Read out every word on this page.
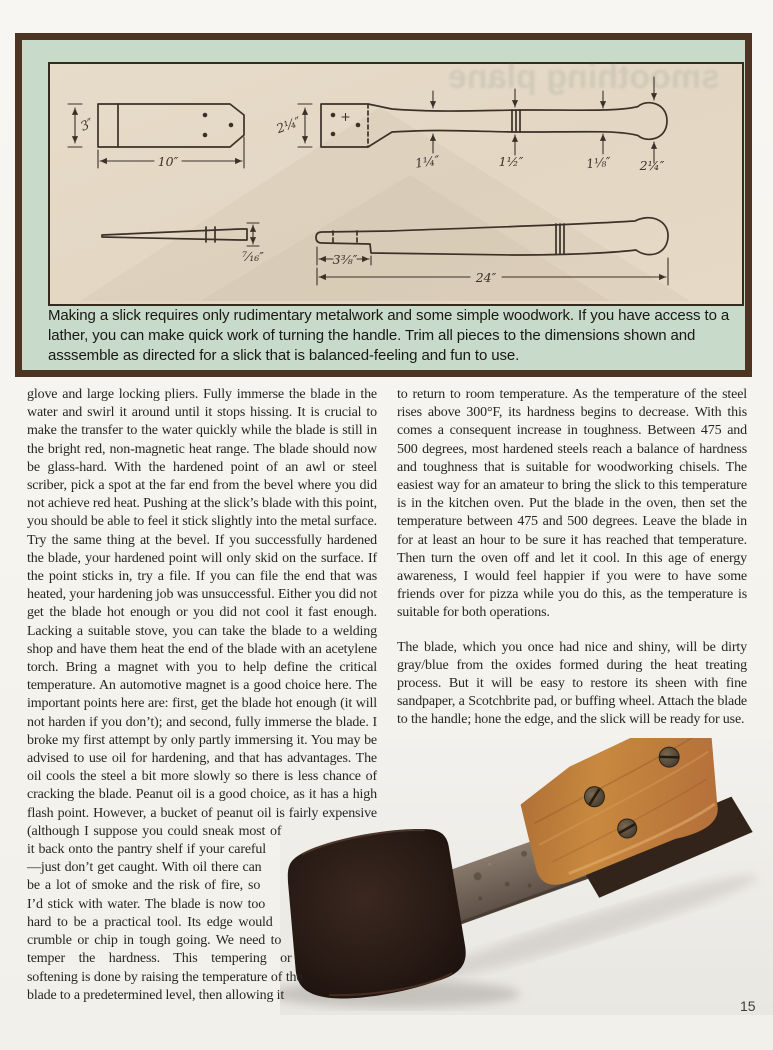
3″
10″
2¼″
1¼″	1½″	1⅛″ 2¼″
⁷⁄₁₆″	3⅜″
24″
Making a slick requires only rudimentary metalwork and some simple woodwork. If you have access to a lather, you can make quick work of turning the handle. Trim all pieces to the dimensions shown and asssemble as directed for a slick that is balanced-feeling and fun to use.
glove and large locking pliers. Fully immerse the blade in the water and swirl it around until it stops hissing. It is crucial to make the transfer to the water quickly while the blade is still in the bright red, non-magnetic heat range. The blade should now be glass-hard. With the hardened point of an awl or steel scriber, pick a spot at the far end from the bevel where you did not achieve red heat. Pushing at the slick’s blade with this point, you should be able to feel it stick slightly into the metal surface. Try the same thing at the bevel. If you successfully hardened the blade, your hardened point will only skid on the surface. If the point sticks in, try a file. If you can file the end that was heated, your hardening job was unsuccessful. Either you did not get the blade hot enough or you did not cool it fast enough. Lacking a suitable stove, you can take the blade to a welding shop and have them heat the end of the blade with an acetylene torch. Bring a magnet with you to help define the critical temperature. An automotive magnet is a good choice here. The important points here are: first, get the blade hot enough (it will not harden if you don’t); and second, fully immerse the blade. I broke my first attempt by only partly immersing it. You may be advised to use oil for hardening, and that has advantages. The oil cools the steel a bit more slowly so there is less chance of cracking the blade. Peanut oil is a good choice, as it has a high flash point. However, a bucket of peanut oil is fairly expensive (although I suppose you could sneak most of it back onto the pantry shelf if your careful—just don’t get caught. With oil there can be a lot of smoke and the risk of fire, so I’d stick with water. The blade is now too hard to be a practical tool. Its edge would crumble or chip in tough going. We need to temper the hardness. This tempering or softening is done by raising the temperature of the blade to a predetermined level, then allowing it
to return to room temperature. As the temperature of the steel rises above 300°F, its hardness begins to decrease. With this comes a consequent increase in toughness. Between 475 and 500 degrees, most hardened steels reach a balance of hardness and toughness that is suitable for woodworking chisels. The easiest way for an amateur to bring the slick to this temperature is in the kitchen oven. Put the blade in the oven, then set the temperature between 475 and 500 degrees. Leave the blade in for at least an hour to be sure it has reached that temperature. Then turn the oven off and let it cool. In this age of energy awareness, I would feel happier if you were to have some friends over for pizza while you do this, as the temperature is suitable for both operations.
The blade, which you once had nice and shiny, will be dirty gray/blue from the oxides formed during the heat treating process. But it will be easy to restore its sheen with fine sandpaper, a Scotchbrite pad, or buffing wheel. Attach the blade to the handle; hone the edge, and the slick will be ready for use.
15
